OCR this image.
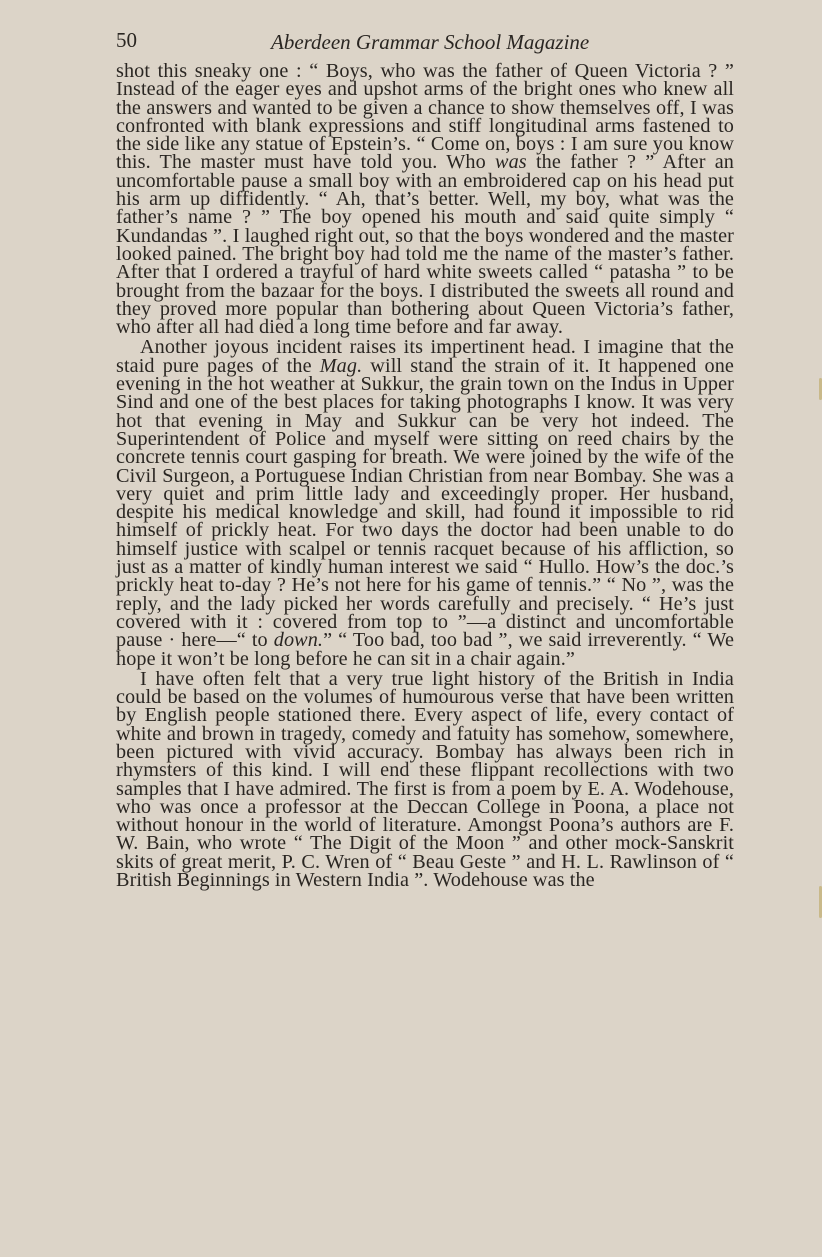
50	Aberdeen Grammar School Magazine

shot this sneaky one : “ Boys, who was the father of Queen Victoria ? ” Instead of the eager eyes and upshot arms of the bright ones who knew all the answers and wanted to be given a chance to show themselves off, I was confronted with blank expressions and stiff longitudinal arms fastened to the side like any statue of Epstein’s. “ Come on, boys : I am sure you know this. The master must have told you. Who was the father ? ” After an uncomfortable pause a small boy with an embroidered cap on his head put his arm up diffidently. “ Ah, that’s better. Well, my boy, what was the father’s name ? ” The boy opened his mouth and said quite simply “ Kundandas ”. I laughed right out, so that the boys wondered and the master looked pained. The bright boy had told me the name of the master’s father. After that I ordered a trayful of hard white sweets called “ patasha ” to be brought from the bazaar for the boys. I distributed the sweets all round and they proved more popular than bothering about Queen Victoria’s father, who after all had died a long time before and far away.

Another joyous incident raises its impertinent head. I imagine that the staid pure pages of the Mag. will stand the strain of it. It happened one evening in the hot weather at Sukkur, the grain town on the Indus in Upper Sind and one of the best places for taking photographs I know. It was very hot that evening in May and Sukkur can be very hot indeed. The Superintendent of Police and myself were sitting on reed chairs by the concrete tennis court gasping for breath. We were joined by the wife of the Civil Surgeon, a Portuguese Indian Christian from near Bombay. She was a very quiet and prim little lady and exceedingly proper. Her husband, despite his medical knowledge and skill, had found it impossible to rid himself of prickly heat. For two days the doctor had been unable to do himself justice with scalpel or tennis racquet because of his affliction, so just as a matter of kindly human interest we said “ Hullo. How’s the doc.’s prickly heat to-day ? He’s not here for his game of tennis.” “ No ”, was the reply, and the lady picked her words carefully and precisely. “ He’s just covered with it : covered from top to ”—a distinct and uncomfortable pause · here—“ to down.” “ Too bad, too bad ”, we said irreverently. “ We hope it won’t be long before he can sit in a chair again.”

I have often felt that a very true light history of the British in India could be based on the volumes of humourous verse that have been written by English people stationed there. Every aspect of life, every contact of white and brown in tragedy, comedy and fatuity has somehow, somewhere, been pictured with vivid accuracy. Bombay has always been rich in rhymsters of this kind. I will end these flippant recollections with two samples that I have admired. The first is from a poem by E. A. Wodehouse, who was once a professor at the Deccan College in Poona, a place not without honour in the world of literature. Amongst Poona’s authors are F. W. Bain, who wrote “ The Digit of the Moon ” and other mock-Sanskrit skits of great merit, P. C. Wren of “ Beau Geste ” and H. L. Rawlinson of “ British Beginnings in Western India ”. Wodehouse was the
